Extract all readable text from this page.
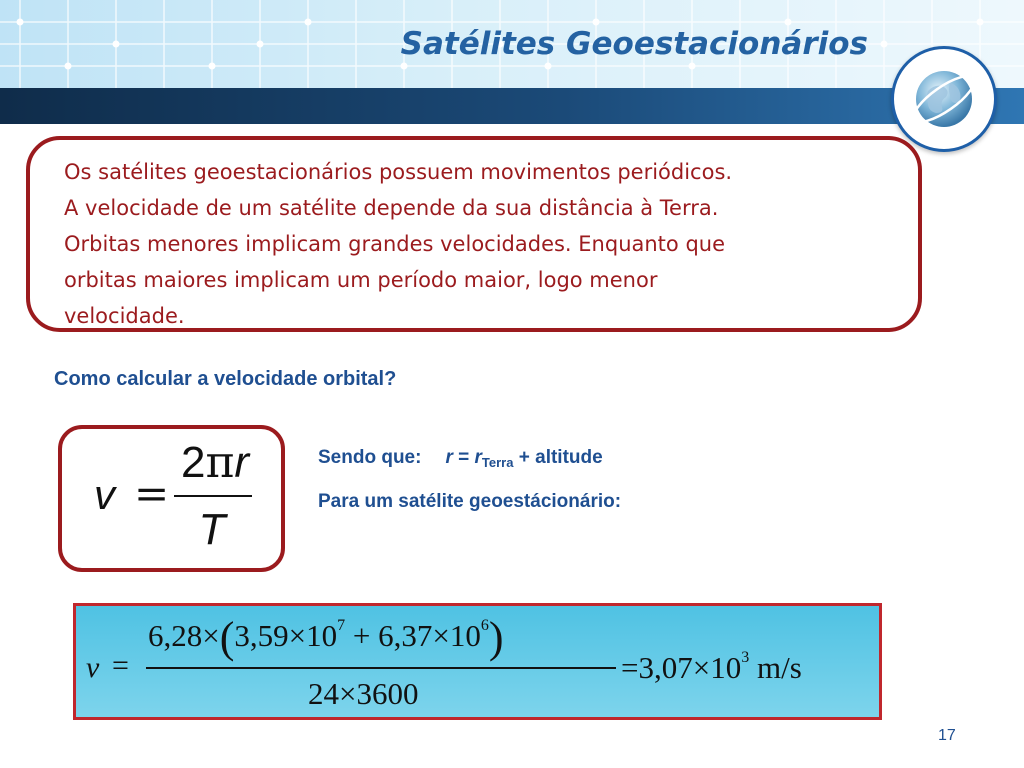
Satélites Geoestacionários
Os satélites geoestacionários possuem movimentos periódicos.
A velocidade de um satélite depende da sua distância à Terra.
Orbitas menores implicam grandes velocidades. Enquanto que
orbitas maiores implicam um período maior, logo menor
velocidade.
Como calcular a velocidade orbital?
v =
2πr
T
Sendo que: $r = r_{Terra}$ + altitude
Para um satélite geoestácionário:
v =
$6,28\times(3,59\times 10^7 + 6,37\times 10^6)$
24×3600
$=3,07\times 10^3$ m/s
17
